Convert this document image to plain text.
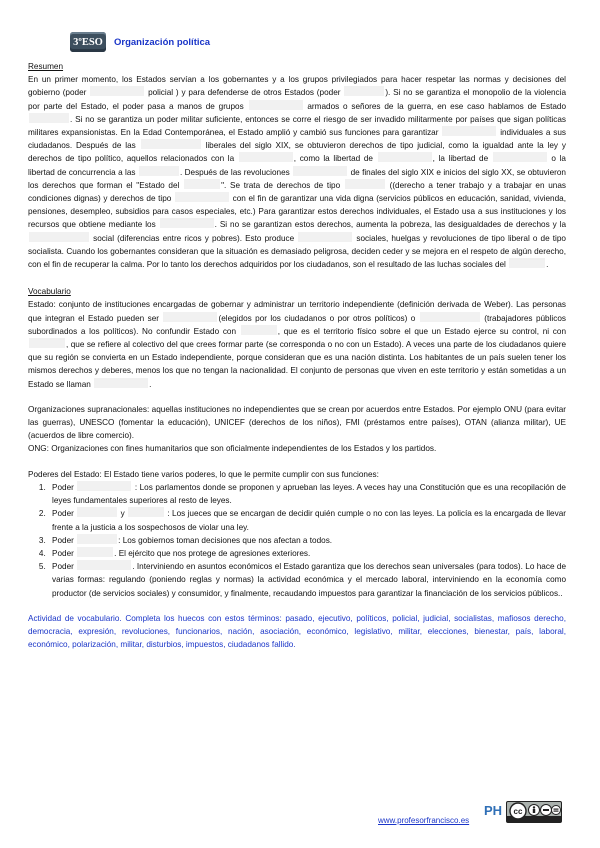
3ºESO	Organización política

Resumen

En un primer momento, los Estados servían a los gobernantes y a los grupos privilegiados para hacer respetar las normas y decisiones del gobierno (poder	policial ) y para defenderse de otros Estados (poder	). Si no se garantiza el monopolio de la violencia por parte del Estado, el poder pasa a manos de grupos	armados o señores de la guerra, en ese caso hablamos de Estado . Si no se garantiza un poder militar suficiente, entonces se corre el riesgo de ser invadido militarmente por países que sigan políticas militares expansionistas. En la Edad Contemporánea, el Estado amplió y cambió sus funciones para garantizar	individuales a sus ciudadanos. Después de las	liberales del siglo XIX, se obtuvieron derechos de tipo judicial, como la igualdad ante la ley y derechos de tipo político, aquellos relacionados con la	, como la libertad de	, la libertad de	o la libertad de concurrencia a las	. Después de las revoluciones	de finales del siglo XIX e inicios del siglo XX, se obtuvieron los derechos que forman el "Estado del	". Se trata de derechos de tipo	((derecho a tener trabajo y a trabajar en unas condiciones dignas) y derechos de tipo	con el fin de garantizar una vida digna (servicios públicos en educación, sanidad, vivienda, pensiones, desempleo, subsidios para casos especiales, etc.) Para garantizar estos derechos individuales, el Estado usa a sus instituciones y los recursos que obtiene mediante los	. Si no se garantizan estos derechos, aumenta la pobreza, las desigualdades de derechos y la  social (diferencias entre ricos y pobres). Esto produce	sociales, huelgas y revoluciones de tipo liberal o de tipo socialista. Cuando los gobernantes consideran que la situación es demasiado peligrosa, deciden ceder y se mejora en el respeto de algún derecho, con el fin de recuperar la calma. Por lo tanto los derechos adquiridos por los ciudadanos, son el resultado de las luchas sociales del	.

Vocabulario

Estado: conjunto de instituciones encargadas de gobernar y administrar un territorio independiente (definición derivada de Weber). Las personas que integran el Estado pueden ser	(elegidos por los ciudadanos o por otros políticos) o	(trabajadores públicos subordinados a los políticos). No confundir Estado con	, que es el territorio físico sobre el que un Estado ejerce su control, ni con , que se refiere al colectivo del que crees formar parte (se corresponda o no con un Estado). A veces una parte de los ciudadanos quiere que su región se convierta en un Estado independiente, porque consideran que es una nación distinta. Los habitantes de un país suelen tener los mismos derechos y deberes, menos los que no tengan la nacionalidad. El conjunto de personas que viven en este territorio y están sometidas a un Estado se llaman	.

Organizaciones supranacionales: aquellas instituciones no independientes que se crean por acuerdos entre Estados. Por ejemplo ONU (para evitar las guerras), UNESCO (fomentar la educación), UNICEF (derechos de los niños), FMI (préstamos entre países), OTAN (alianza militar), UE (acuerdos de libre comercio).

ONG: Organizaciones con fines humanitarios que son oficialmente independientes de los Estados y los partidos.

Poderes del Estado: El Estado tiene varios poderes, lo que le permite cumplir con sus funciones:

1. Poder	: Los parlamentos donde se proponen y aprueban las leyes. A veces hay una Constitución que es una recopilación de leyes fundamentales superiores al resto de leyes.
2. Poder	y	: Los jueces que se encargan de decidir quién cumple o no con las leyes. La policía es la encargada de llevar frente a la justicia a los sospechosos de violar una ley.
3. Poder	: Los gobiernos toman decisiones que nos afectan a todos.
4. Poder	. El ejército que nos protege de agresiones exteriores.
5. Poder	. Interviniendo en asuntos económicos el Estado garantiza que los derechos sean universales (para todos). Lo hace de varias formas: regulando (poniendo reglas y normas) la actividad económica y el mercado laboral, interviniendo en la economía como productor (de servicios sociales) y consumidor, y finalmente, recaudando impuestos para garantizar la financiación de los servicios públicos..

Actividad de vocabulario. Completa los huecos con estos términos: pasado, ejecutivo, políticos, policial, judicial, socialistas, mafiosos derecho, democracia, expresión, revoluciones, funcionarios, nación, asociación, económico, legislativo, militar, elecciones, bienestar, país, laboral, económico, polarización, militar, disturbios, impuestos, ciudadanos fallido.

PH cc
www.profesorfrancisco.es
